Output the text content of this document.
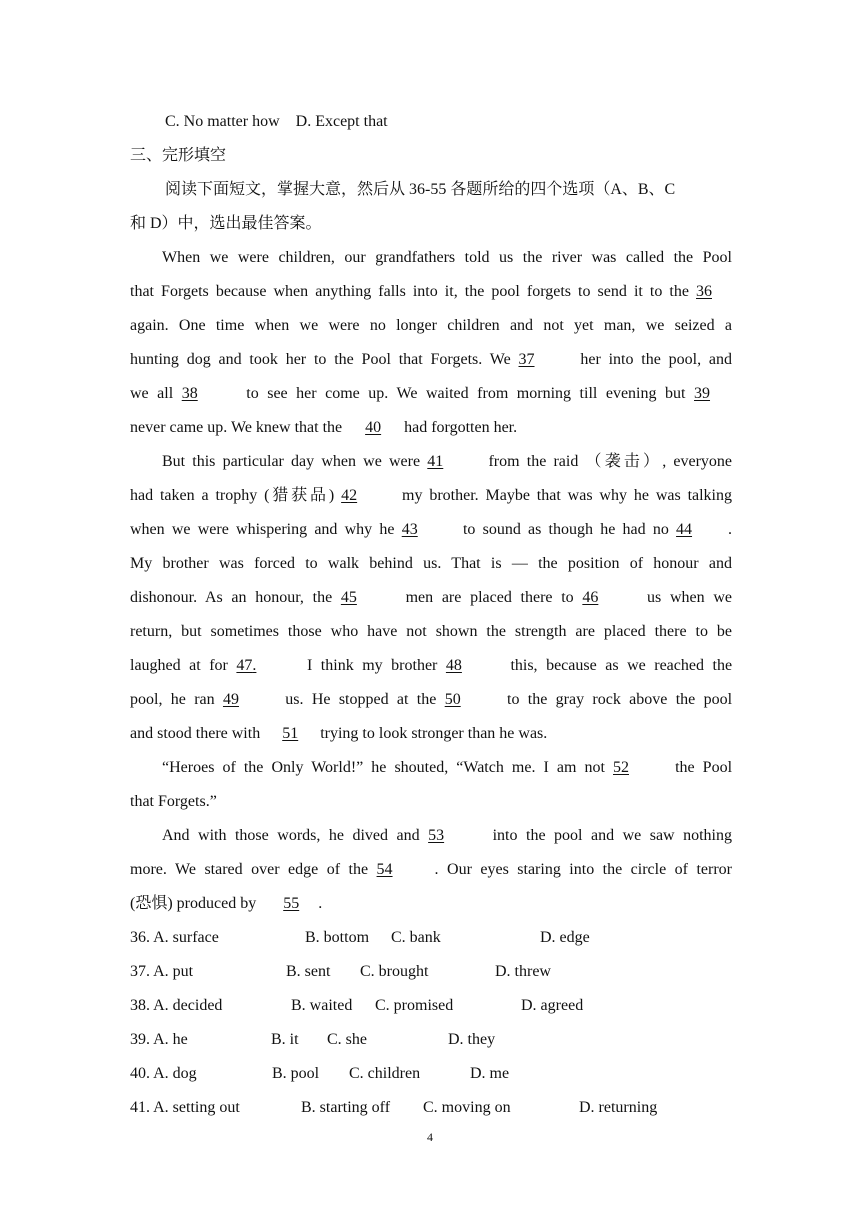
C. No matter how    D. Except that
三、完形填空
阅读下面短文，掌握大意，然后从 36-55 各题所给的四个选项（A、B、C
和 D）中，选出最佳答案。
When we were children, our grandfathers told us the river was called the Pool
that Forgets because when anything falls into it, the pool forgets to send it to the 36
again. One time when we were no longer children and not yet man, we seized a
hunting dog and took her to the Pool that Forgets. We 37	her into the pool, and
we all 38	to see her come up. We waited from morning till evening but 39
never came up. We knew that the 40 had forgotten her.
But this particular day when we were 41	from the raid （袭击）, everyone
had taken a trophy (猎获品) 42	my brother. Maybe that was why he was talking
when we were whispering and why he 43	to sound as though he had no 44 .
My brother was forced to walk behind us. That is — the position of honour and
dishonour. As an honour, the 45	men are placed there to 46	us when we
return, but sometimes those who have not shown the strength are placed there to be
laughed at for 47.	I think my brother 48	this, because as we reached the
pool, he ran 49	us. He stopped at the 50	to the gray rock above the pool
and stood there with 51 trying to look stronger than he was.
“Heroes of the Only World!” he shouted, “Watch me. I am not 52	the Pool
that Forgets.”
And with those words, he dived and 53	into the pool and we saw nothing
more. We stared over edge of the 54	. Our eyes staring into the circle of terror
(恐惧) produced by 55 .
36. A. surface	B. bottom C. bank	D. edge
37. A. put	B. sent C. brought	D. threw
38. A. decided	B. waited C. promised	D. agreed
39. A. he	B. it C. she	D. they
40. A. dog	B. pool C. children	D. me
41. A. setting out	B. starting off C. moving on	D. returning
4
